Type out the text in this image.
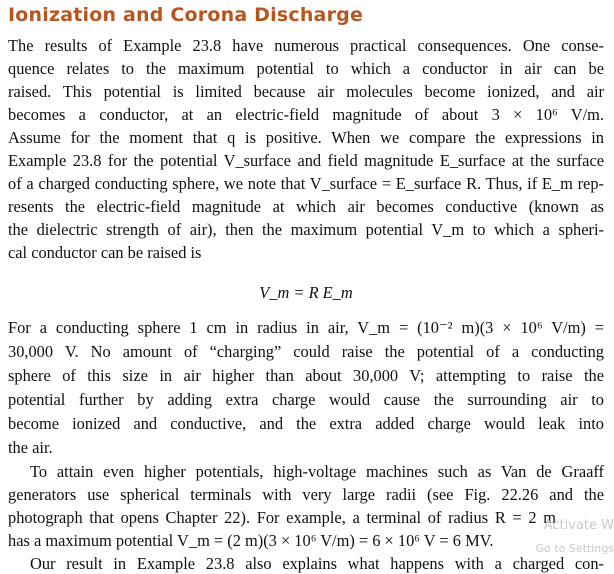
Ionization and Corona Discharge
The results of Example 23.8 have numerous practical consequences. One conse-
quence relates to the maximum potential to which a conductor in air can be
raised. This potential is limited because air molecules become ionized, and air
becomes a conductor, at an electric-field magnitude of about 3 × 10⁶ V/m.
Assume for the moment that q is positive. When we compare the expressions in
Example 23.8 for the potential V_surface and field magnitude E_surface at the surface
of a charged conducting sphere, we note that V_surface = E_surface R. Thus, if E_m rep-
resents the electric-field magnitude at which air becomes conductive (known as
the dielectric strength of air), then the maximum potential V_m to which a spheri-
cal conductor can be raised is
V_m = R E_m
For a conducting sphere 1 cm in radius in air, V_m = (10⁻² m)(3 × 10⁶ V/m) =
30,000 V. No amount of “charging” could raise the potential of a conducting
sphere of this size in air higher than about 30,000 V; attempting to raise the
potential further by adding extra charge would cause the surrounding air to
become ionized and conductive, and the extra added charge would leak into
the air.
To attain even higher potentials, high-voltage machines such as Van de Graaff
generators use spherical terminals with very large radii (see Fig. 22.26 and the
photograph that opens Chapter 22). For example, a terminal of radius R = 2 m
has a maximum potential V_m = (2 m)(3 × 10⁶ V/m) = 6 × 10⁶ V = 6 MV.
Our result in Example 23.8 also explains what happens with a charged con-
Activate W
Go to Settings
